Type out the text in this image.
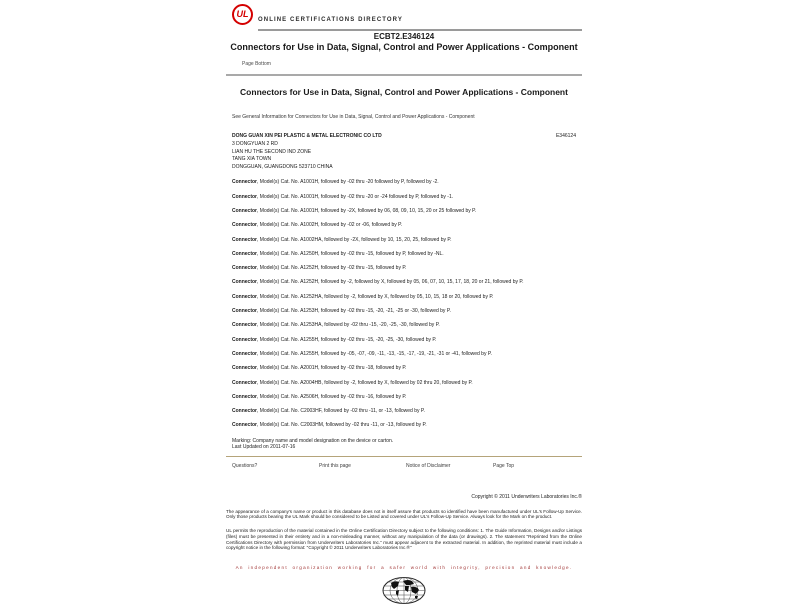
UL
ONLINE CERTIFICATIONS DIRECTORY
ECBT2.E346124
Connectors for Use in Data, Signal, Control and Power Applications - Component
Page Bottom
Connectors for Use in Data, Signal, Control and Power Applications - Component
See General Information for Connectors for Use in Data, Signal, Control and Power Applications - Component
DONG GUAN XIN PEI PLASTIC & METAL ELECTRONIC CO LTD	E346124
3 DONGYUAN 2 RD
LIAN HU THE SECOND IND ZONE
TANG XIA TOWN
DONGGUAN, GUANGDONG 523710 CHINA
Connector, Model(s) Cat. No. A1001H, followed by -02 thru -20 followed by P, followed by -2.
Connector, Model(s) Cat. No. A1001H, followed by -02 thru -20 or -24 followed by P, followed by -1.
Connector, Model(s) Cat. No. A1001H, followed by -2X, followed by 06, 08, 09, 10, 15, 20 or 25 followed by P.
Connector, Model(s) Cat. No. A1002H, followed by -02 or -06, followed by P.
Connector, Model(s) Cat. No. A1002HA, followed by -2X, followed by 10, 15, 20, 25, followed by P.
Connector, Model(s) Cat. No. A1250H, followed by -02 thru -15, followed by P, followed by -NL.
Connector, Model(s) Cat. No. A1252H, followed by -02 thru -15, followed by P.
Connector, Model(s) Cat. No. A1252H, followed by -2, followed by X, followed by 05, 06, 07, 10, 15, 17, 18, 20 or 21, followed by P.
Connector, Model(s) Cat. No. A1252HA, followed by -2, followed by X, followed by 05, 10, 15, 18 or 20, followed by P.
Connector, Model(s) Cat. No. A1253H, followed by -02 thru -15, -20, -21, -25 or -30, followed by P.
Connector, Model(s) Cat. No. A1253HA, followed by -02 thru -15, -20, -25, -30, followed by P.
Connector, Model(s) Cat. No. A1255H, followed by -02 thru -15, -20, -25, -30, followed by P.
Connector, Model(s) Cat. No. A1255H, followed by -05, -07, -09, -11, -13, -15, -17, -19, -21, -31 or -41, followed by P.
Connector, Model(s) Cat. No. A2001H, followed by -02 thru -18, followed by P.
Connector, Model(s) Cat. No. A2004HB, followed by -2, followed by X, followed by 02 thru 20, followed by P.
Connector, Model(s) Cat. No. A2506H, followed by -02 thru -16, followed by P.
Connector, Model(s) Cat. No. C2003HF, followed by -02 thru -11, or -13, followed by P.
Connector, Model(s) Cat. No. C2003HM, followed by -02 thru -11, or -13, followed by P.
Marking: Company name and model designation on the device or carton.
Last Updated on 2011-07-16
Questions?	Print this page	Notice of Disclaimer	Page Top
Copyright © 2011 Underwriters Laboratories Inc.®
The appearance of a company's name or product in this database does not in itself assure that products so identified have been manufactured under UL's Follow-Up Service. Only those products bearing the UL Mark should be considered to be Listed and covered under UL's Follow-Up Service. Always look for the Mark on the product.
UL permits the reproduction of the material contained in the Online Certification Directory subject to the following conditions: 1. The Guide Information, Designs and/or Listings (files) must be presented in their entirety and in a non-misleading manner, without any manipulation of the data (or drawings). 2. The statement "Reprinted from the Online Certifications Directory with permission from Underwriters Laboratories Inc." must appear adjacent to the extracted material. In addition, the reprinted material must include a copyright notice in the following format: "Copyright © 2011 Underwriters Laboratories Inc.®"
An independent organization working for a safer world with integrity, precision and knowledge.
